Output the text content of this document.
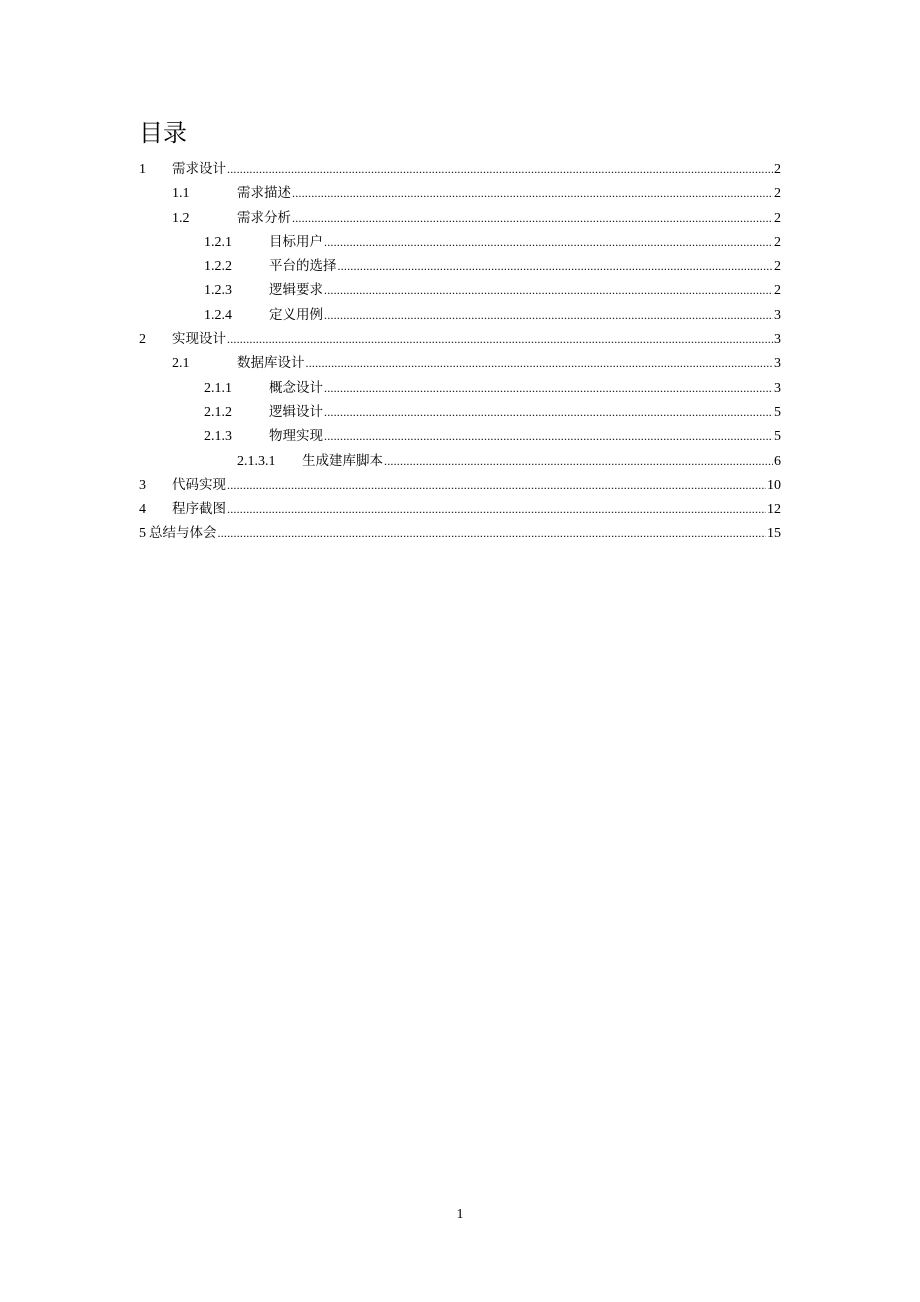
目录
1	需求设计 .....	2
1.1	需求描述 .....	2
1.2	需求分析 .....	2
1.2.1	目标用户 .....	2
1.2.2	平台的选择 .....	2
1.2.3	逻辑要求 .....	2
1.2.4	定义用例 .....	3
2	实现设计 .....	3
2.1	数据库设计 .....	3
2.1.1	概念设计 .....	3
2.1.2	逻辑设计 .....	5
2.1.3	物理实现 .....	5
2.1.3.1	生成建库脚本 .....	6
3	代码实现 .....	10
4	程序截图 .....	12
5 总结与体会 .....	15
1
